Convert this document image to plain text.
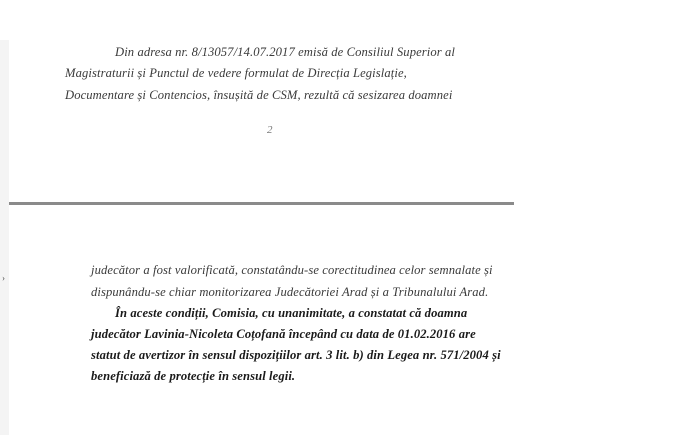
›
Din adresa nr. 8/13057/14.07.2017 emisă de Consiliul Superior al
Magistraturii și Punctul de vedere formulat de Direcția Legislație,
Documentare și Contencios, însușită de CSM, rezultă că sesizarea doamnei
2
judecător a fost valorificată, constatându-se corectitudinea celor semnalate și
dispunându-se chiar monitorizarea Judecătoriei Arad și a Tribunalului Arad.
În aceste condiții, Comisia, cu unanimitate, a constatat că doamna
judecător Lavinia-Nicoleta Coțofană începând cu data de 01.02.2016 are
statut de avertizor în sensul dispozițiilor art. 3 lit. b) din Legea nr. 571/2004 și
beneficiază de protecție în sensul legii.
